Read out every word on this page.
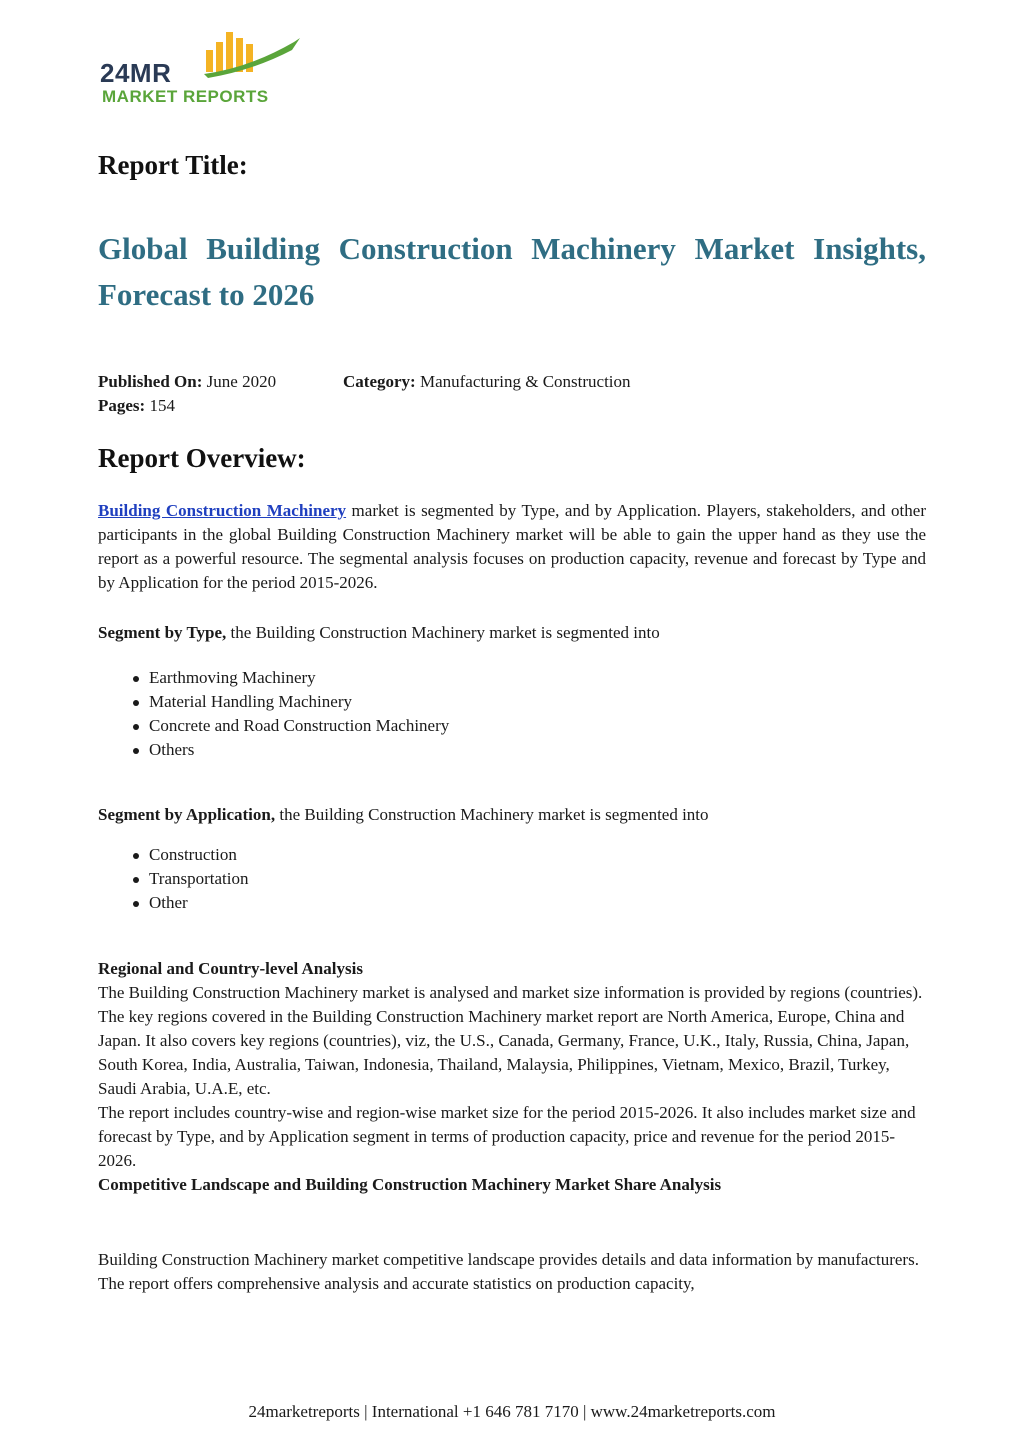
24MR
MARKET REPORTS
Report Title:
Global Building Construction Machinery Market Insights,
Forecast to 2026
Published On: June 2020	Category: Manufacturing & Construction
Pages: 154
Report Overview:

Building Construction Machinery market is segmented by Type, and by Application. Players, stakeholders, and other participants in the global Building Construction Machinery market will be able to gain the upper hand as they use the report as a powerful resource. The segmental analysis focuses on production capacity, revenue and forecast by Type and by Application for the period 2015-2026.

Segment by Type, the Building Construction Machinery market is segmented into

Earthmoving Machinery
Material Handling Machinery
Concrete and Road Construction Machinery
Others

Segment by Application, the Building Construction Machinery market is segmented into

Construction
Transportation
Other
Regional and Country-level Analysis
The Building Construction Machinery market is analysed and market size information is provided by regions (countries).
The key regions covered in the Building Construction Machinery market report are North America, Europe, China and Japan. It also covers key regions (countries), viz, the U.S., Canada, Germany, France, U.K., Italy, Russia, China, Japan, South Korea, India, Australia, Taiwan, Indonesia, Thailand, Malaysia, Philippines, Vietnam, Mexico, Brazil, Turkey, Saudi Arabia, U.A.E, etc.
The report includes country-wise and region-wise market size for the period 2015-2026. It also includes market size and forecast by Type, and by Application segment in terms of production capacity, price and revenue for the period 2015-2026.
Competitive Landscape and Building Construction Machinery Market Share Analysis

Building Construction Machinery market competitive landscape provides details and data information by manufacturers. The report offers comprehensive analysis and accurate statistics on production capacity,

24marketreports | International +1 646 781 7170 | www.24marketreports.com
